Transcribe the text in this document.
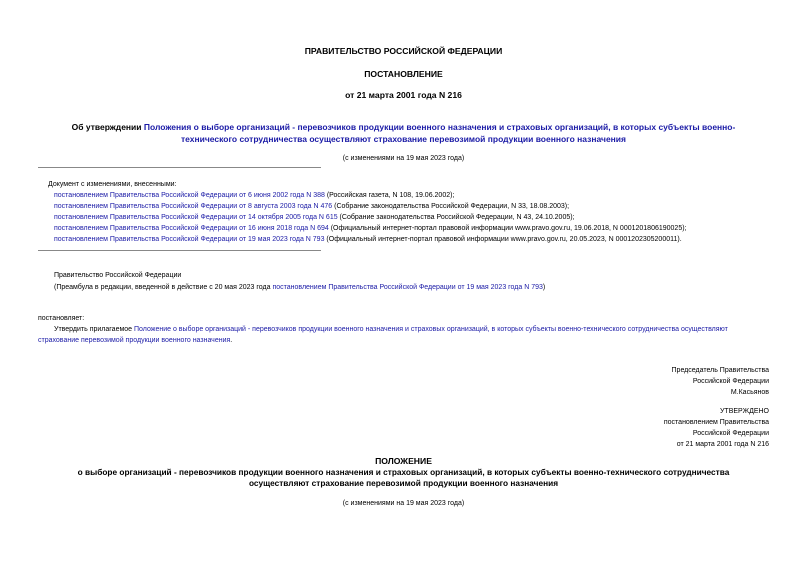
ПРАВИТЕЛЬСТВО РОССИЙСКОЙ ФЕДЕРАЦИИ
ПОСТАНОВЛЕНИЕ
от 21 марта 2001 года N 216
Об утверждении Положения о выборе организаций - перевозчиков продукции военного назначения и страховых организаций, в которых субъекты военно-
технического сотрудничества осуществляют страхование перевозимой продукции военного назначения
(с изменениями на 19 мая 2023 года)
Документ с изменениями, внесенными:
постановлением Правительства Российской Федерации от 6 июня 2002 года N 388 (Российская газета, N 108, 19.06.2002);
постановлением Правительства Российской Федерации от 8 августа 2003 года N 476 (Собрание законодательства Российской Федерации, N 33, 18.08.2003);
постановлением Правительства Российской Федерации от 14 октября 2005 года N 615 (Собрание законодательства Российской Федерации, N 43, 24.10.2005);
постановлением Правительства Российской Федерации от 16 июня 2018 года N 694 (Официальный интернет-портал правовой информации www.pravo.gov.ru, 19.06.2018, N 0001201806190025);
постановлением Правительства Российской Федерации от 19 мая 2023 года N 793 (Официальный интернет-портал правовой информации www.pravo.gov.ru, 20.05.2023, N 0001202305200011).
Правительство Российской Федерации
(Преамбула в редакции, введенной в действие с 20 мая 2023 года постановлением Правительства Российской Федерации от 19 мая 2023 года N 793)
постановляет:
Утвердить прилагаемое Положение о выборе организаций - перевозчиков продукции военного назначения и страховых организаций, в которых субъекты военно-технического сотрудничества осуществляют
страхование перевозимой продукции военного назначения.
Председатель Правительства
Российской Федерации
М.Касьянов
УТВЕРЖДЕНО
постановлением Правительства
Российской Федерации
от 21 марта 2001 года N 216
ПОЛОЖЕНИЕ
о выборе организаций - перевозчиков продукции военного назначения и страховых организаций, в которых субъекты военно-технического сотрудничества
осуществляют страхование перевозимой продукции военного назначения
(с изменениями на 19 мая 2023 года)
